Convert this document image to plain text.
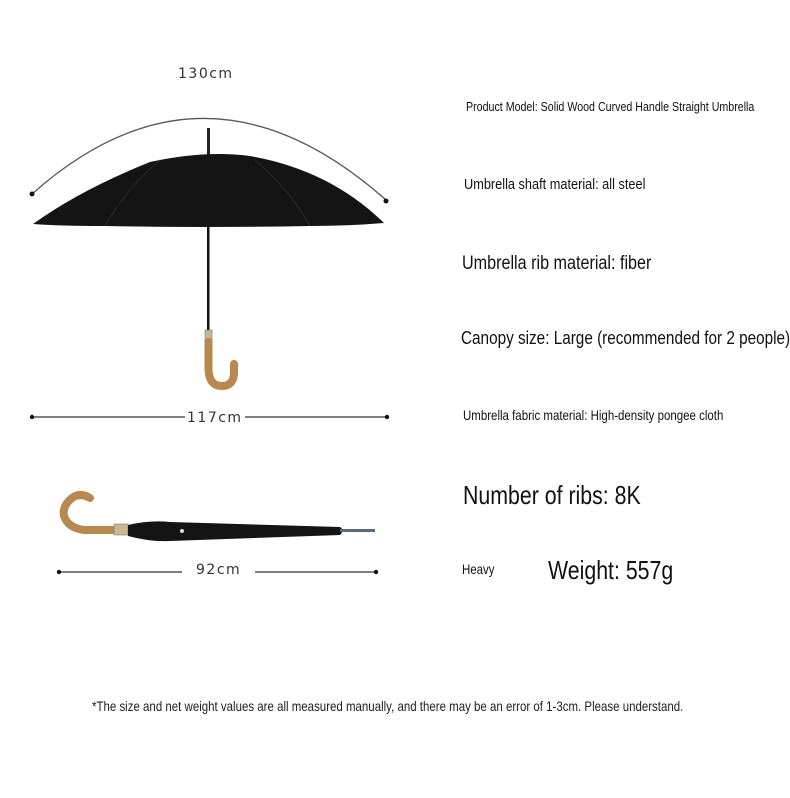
130cm
117cm
92cm
Product Model: Solid Wood Curved Handle Straight Umbrella
Umbrella shaft material: all steel
Umbrella rib material: fiber
Canopy size: Large (recommended for 2 people)
Umbrella fabric material: High-density pongee cloth
Number of ribs: 8K
Heavy Weight: 557g
*The size and net weight values are all measured manually, and there may be an error of 1-3cm. Please understand.
